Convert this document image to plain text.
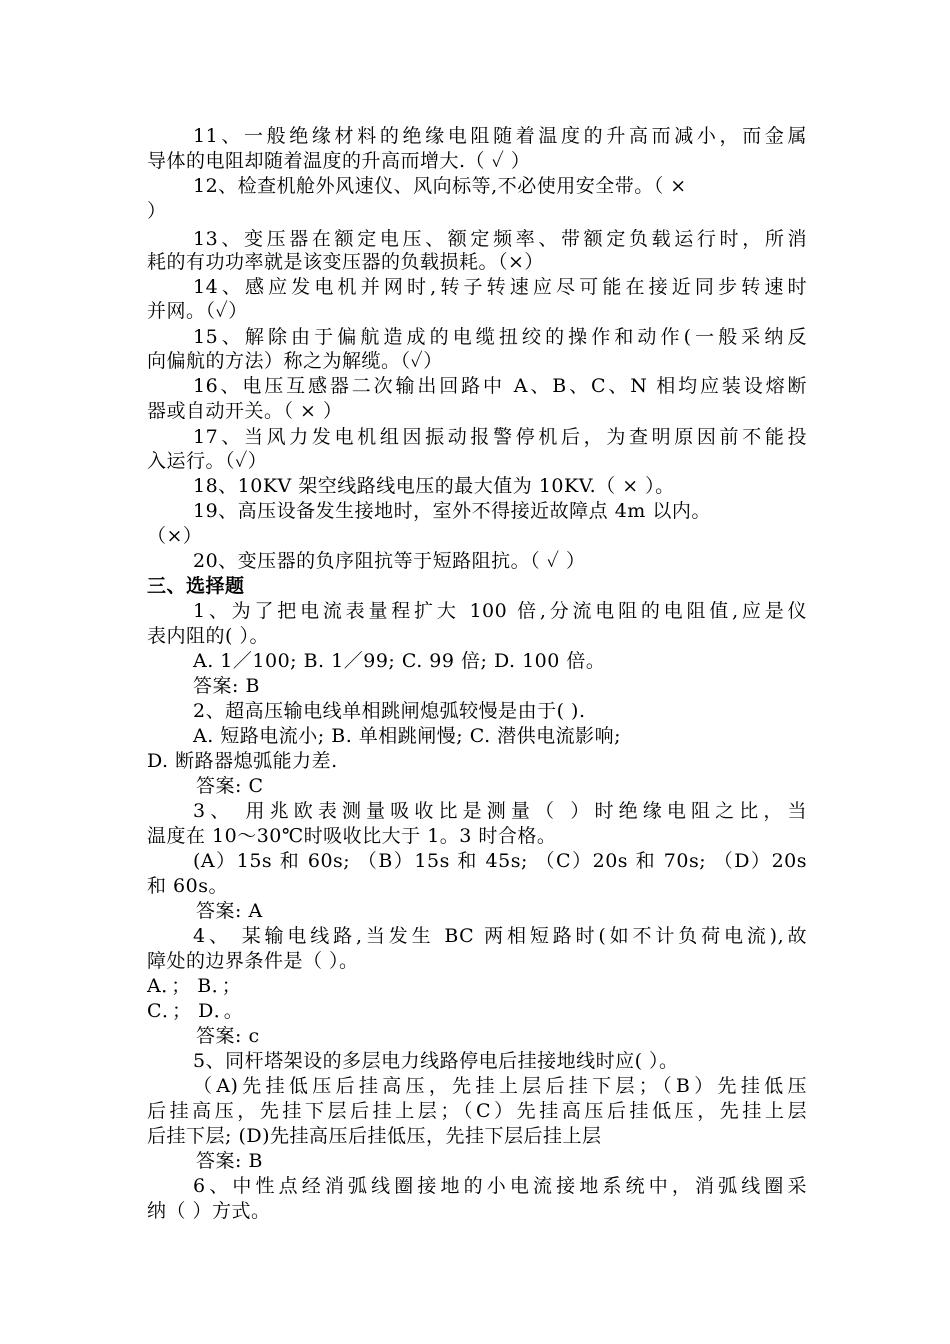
11、一般绝缘材料的绝缘电阻随着温度的升高而减小，而金属
导体的电阻却随着温度的升高而增大.（ ✓ ）
12、检查机舱外风速仪、风向标等,不必使用安全带。（ ×
）
13、变压器在额定电压、额定频率、带额定负载运行时，所消
耗的有功功率就是该变压器的负载损耗。（×）
14、感应发电机并网时,转子转速应尽可能在接近同步转速时
并网。（✓）
15、解除由于偏航造成的电缆扭绞的操作和动作(一般采纳反
向偏航的方法）称之为解缆。（✓）
16、电压互感器二次输出回路中 A、B、C、N 相均应装设熔断
器或自动开关。（ × ）
17、当风力发电机组因振动报警停机后，为查明原因前不能投
入运行。（✓）
18、10KV 架空线路线电压的最大值为 10KV.（ × ）。
19、高压设备发生接地时，室外不得接近故障点 4m 以内。
（×）
20、变压器的负序阻抗等于短路阻抗。（ ✓ ）
三、选择题
1、为了把电流表量程扩大 100 倍,分流电阻的电阻值,应是仪
表内阻的( ）。
A. 1／100; B. 1／99; C. 99 倍; D. 100 倍。
答案: B
2、超高压输电线单相跳闸熄弧较慢是由于( ).
A. 短路电流小; B. 单相跳闸慢; C. 潜供电流影响;
D. 断路器熄弧能力差.
答案: C
3、 用兆欧表测量吸收比是测量（ ）时绝缘电阻之比，当
温度在 10～30℃时吸收比大于 1。3 时合格。
(A）15s 和 60s; （B）15s 和 45s; （C）20s 和 70s; （D）20s
和 60s。
答案: A
4、 某输电线路,当发生 BC 两相短路时(如不计负荷电流),故
障处的边界条件是（ ）。
A．； B．；
C．； D．。
答案: c
5、同杆塔架设的多层电力线路停电后挂接地线时应( ）。
（A)先挂低压后挂高压，先挂上层后挂下层；（B）先挂低压
后挂高压，先挂下层后挂上层；（C）先挂高压后挂低压，先挂上层
后挂下层; (D)先挂高压后挂低压，先挂下层后挂上层
答案: B
6、中性点经消弧线圈接地的小电流接地系统中，消弧线圈采
纳（ ）方式。
